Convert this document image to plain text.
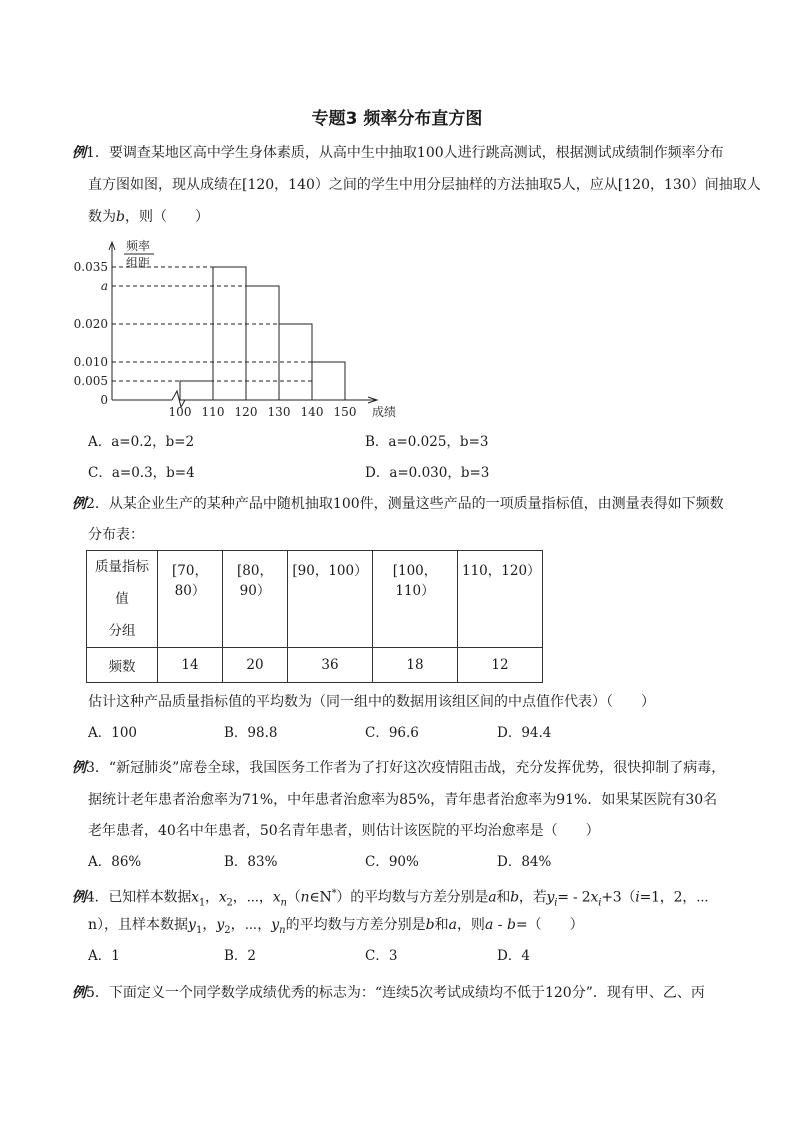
专题3 频率分布直方图
例1．要调查某地区高中学生身体素质，从高中生中抽取100人进行跳高测试，根据测试成绩制作频率分布
直方图如图，现从成绩在[120，140）之间的学生中用分层抽样的方法抽取5人，应从[120，130）间抽取人
数为b，则（　　）
频率
组距
0.035
a
0.020
0.010
0.005
0
100 110 120 130 140 150 成绩
A．a=0.2，b=2	B．a=0.025，b=3
C．a=0.3，b=4	D．a=0.030，b=3
例2．从某企业生产的某种产品中随机抽取100件，测量这些产品的一项质量指标值，由测量表得如下频数
分布表：
质量指标
值
分组	[70，80）	[80，90）	[90，100）	[100，110）	110，120）
频数	14	20	36	18	12
估计这种产品质量指标值的平均数为（同一组中的数据用该组区间的中点值作代表）（　　）
A．100	B．98.8	C．96.6	D．94.4
例3．“新冠肺炎”席卷全球，我国医务工作者为了打好这次疫情阻击战，充分发挥优势，很快抑制了病毒，
据统计老年患者治愈率为71%，中年患者治愈率为85%，青年患者治愈率为91%．如果某医院有30名
老年患者，40名中年患者，50名青年患者，则估计该医院的平均治愈率是（　　）
A．86%	B．83%	C．90%	D．84%
例4．已知样本数据$x_1$，$x_2$，⋯，$x_n(n\in N^*)$的平均数与方差分别是a和b，若$y_i= - 2x_i+3(i=1$，2，⋯
n），且样本数据$y_1$，$y_2$，⋯，$y_n$的平均数与方差分别是b和a，则a - b=（　　）
A．1	B．2	C．3	D．4
例5．下面定义一个同学数学成绩优秀的标志为：“连续5次考试成绩均不低于120分”．现有甲、乙、丙
